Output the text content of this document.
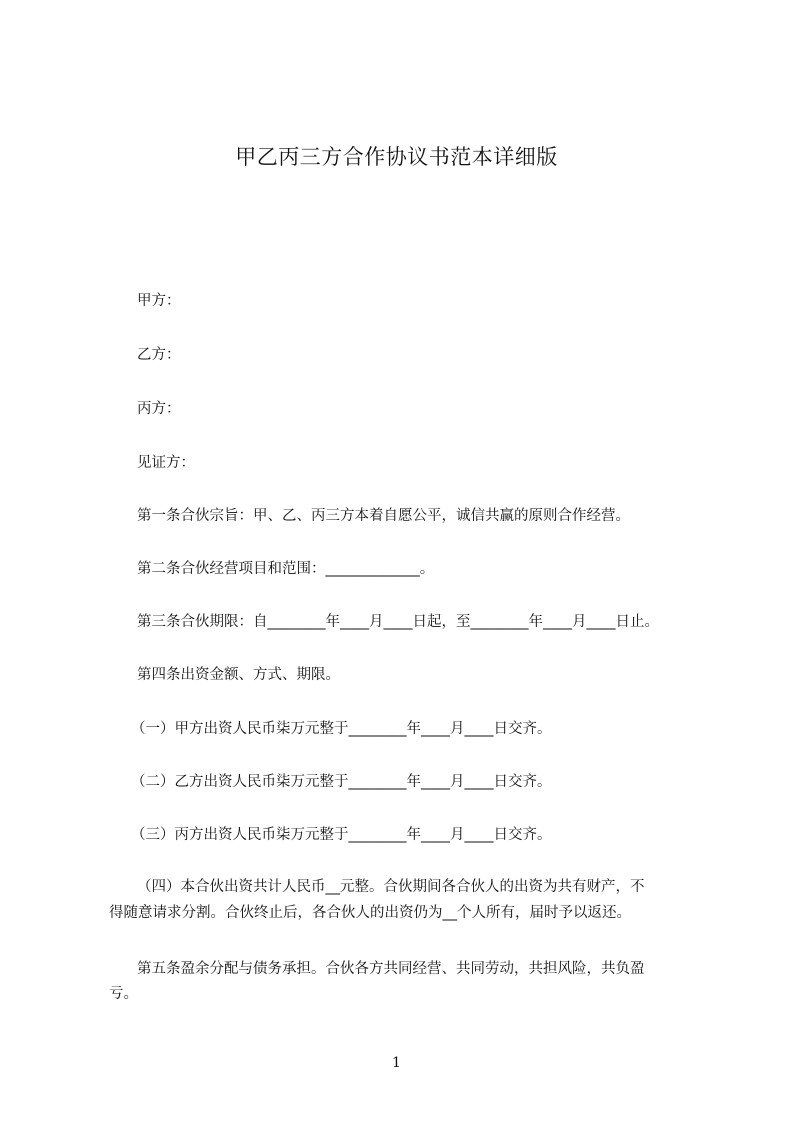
甲乙丙三方合作协议书范本详细版

甲方：

乙方：

丙方：

见证方：

第一条合伙宗旨：甲、乙、丙三方本着自愿公平，诚信共赢的原则合作经营。

第二条合伙经营项目和范围：_____________。

第三条合伙期限：自________年____月____日起，至________年____月____日止。

第四条出资金额、方式、期限。

（一）甲方出资人民币柒万元整于________年____月____日交齐。

（二）乙方出资人民币柒万元整于________年____月____日交齐。

（三）丙方出资人民币柒万元整于________年____月____日交齐。

（四）本合伙出资共计人民币__元整。合伙期间各合伙人的出资为共有财产，不

得随意请求分割。合伙终止后，各合伙人的出资仍为__个人所有，届时予以返还。

第五条盈余分配与债务承担。合伙各方共同经营、共同劳动，共担风险，共负盈

亏。

1
